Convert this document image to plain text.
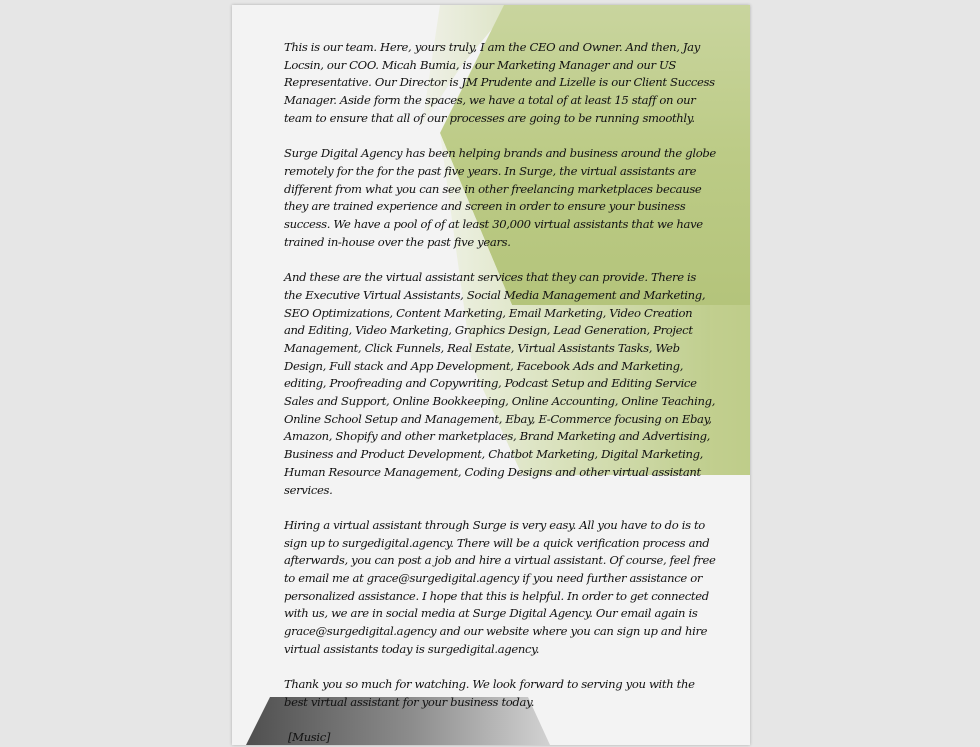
This is our team. Here, yours truly, I am the CEO and Owner. And then, Jay Locsin, our COO. Micah Bumia, is our Marketing Manager and our US Representative. Our Director is JM Prudente and Lizelle is our Client Success Manager. Aside form the spaces, we have a total of at least 15 staff on our team to ensure that all of our processes are going to be running smoothly.

Surge Digital Agency has been helping brands and business around the globe remotely for the for the past five years. In Surge, the virtual assistants are different from what you can see in other freelancing marketplaces because they are trained experience and screen in order to ensure your business success. We have a pool of of at least 30,000 virtual assistants that we have trained in-house over the past five years.

And these are the virtual assistant services that they can provide. There is the Executive Virtual Assistants, Social Media Management and Marketing, SEO Optimizations, Content Marketing, Email Marketing, Video Creation and Editing, Video Marketing, Graphics Design, Lead Generation, Project Management, Click Funnels, Real Estate, Virtual Assistants Tasks, Web Design, Full stack and App Development, Facebook Ads and Marketing, editing, Proofreading and Copywriting, Podcast Setup and Editing Service Sales and Support, Online Bookkeeping, Online Accounting, Online Teaching, Online School Setup and Management, Ebay, E-Commerce focusing on Ebay, Amazon, Shopify and other marketplaces, Brand Marketing and Advertising, Business and Product Development, Chatbot Marketing, Digital Marketing, Human Resource Management, Coding Designs and other virtual assistant services.

Hiring a virtual assistant through Surge is very easy. All you have to do is to sign up to surgedigital.agency. There will be a quick verification process and afterwards, you can post a job and hire a virtual assistant. Of course, feel free to email me at grace@surgedigital.agency if you need further assistance or personalized assistance. I hope that this is helpful. In order to get connected with us, we are in social media at Surge Digital Agency. Our email again is grace@surgedigital.agency and our website where you can sign up and hire virtual assistants today is surgedigital.agency.

Thank you so much for watching. We look forward to serving you with the best virtual assistant for your business today.

[Music]
